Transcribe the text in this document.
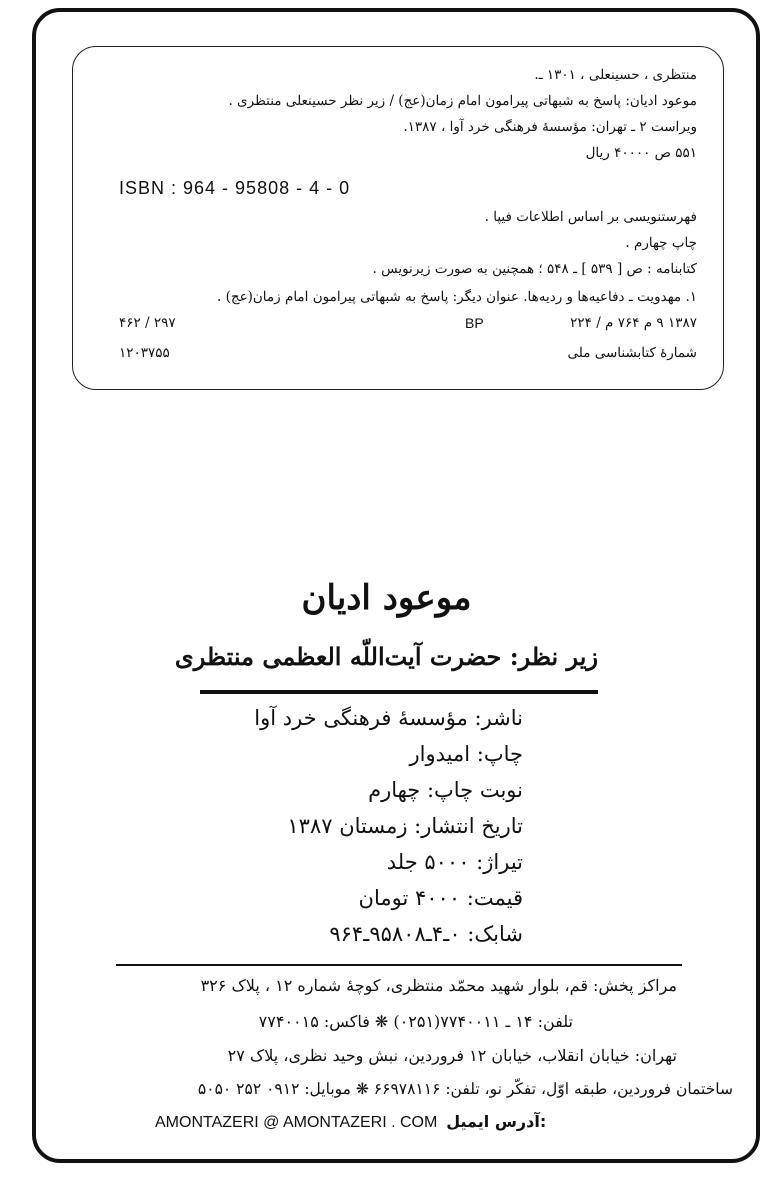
منتظری ، حسینعلی ، ۱۳۰۱ ـ.
موعود ادیان: پاسخ به شبهاتی پیرامون امام زمان(عج) / زیر نظر حسینعلی منتظری .
ویراست ۲ ـ تهران: مؤسسهٔ فرهنگی خرد آوا ، ۱۳۸۷.
۵۵۱ ص ۴۰۰۰۰ ریال
ISBN : 964 - 95808 - 4 - 0
فهرستنویسی بر اساس اطلاعات فیپا .
چاپ چهارم .
کتابنامه : ص [ ۵۳۹ ] ـ ۵۴۸ ؛ همچنین به صورت زیرنویس .
۱. مهدویت ـ دفاعیه‌ها و ردیه‌ها. عنوان دیگر: پاسخ به شبهاتی پیرامون امام زمان(عج) .
۱۳۸۷ ۹ م ۷۶۴ م / ۲۲۴
BP
۲۹۷ / ۴۶۲
شمارهٔ کتابشناسی ملی
۱۲۰۳۷۵۵
موعود ادیان
زیر نظر: حضرت آیت‌اللّه العظمی منتظری
ناشر: مؤسسهٔ فرهنگی خرد آوا
چاپ: امیدوار
نوبت چاپ: چهارم
تاریخ انتشار: زمستان ۱۳۸۷
تیراژ: ۵۰۰۰ جلد
قیمت: ۴۰۰۰ تومان
شابک: ۰ـ۴ـ۹۵۸۰۸ـ۹۶۴
مراکز پخش: قم، بلوار شهید محمّد منتظری، کوچهٔ شماره ۱۲ ، پلاک ۳۲۶
تلفن: ۱۴ ـ ۷۷۴۰۰۱۱(۰۲۵۱) ❋ فاکس: ۷۷۴۰۰۱۵
تهران: خیابان انقلاب، خیابان ۱۲ فروردین، نبش وحید نظری، پلاک ۲۷
ساختمان فروردین، طبقه اوّل، تفکّر نو، تلفن: ۶۶۹۷۸۱۱۶ ❋ موبایل: ۰۹۱۲ ۲۵۲ ۵۰۵۰
AMONTAZERI @ AMONTAZERI . COM آدرس ایمیل:
